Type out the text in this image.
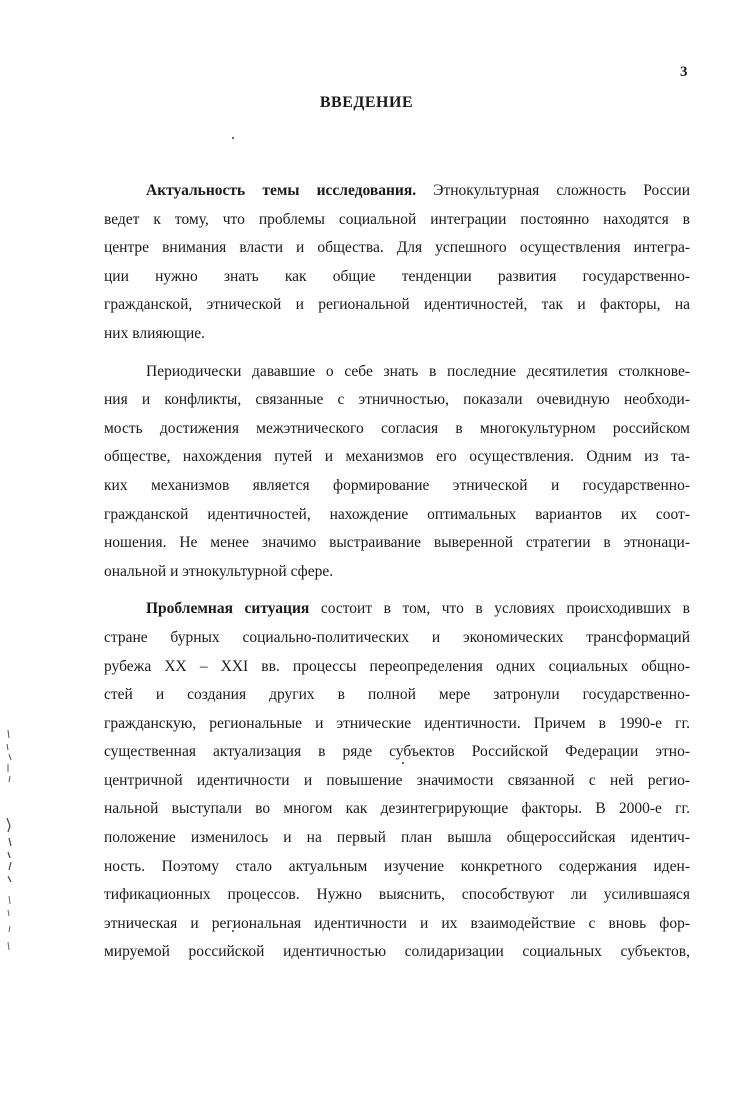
3
ВВЕДЕНИЕ
Актуальность темы исследования. Этнокультурная сложность России
ведет к тому, что проблемы социальной интеграции постоянно находятся в
центре внимания власти и общества. Для успешного осуществления интегра-
ции нужно знать как общие тенденции развития государственно-
гражданской, этнической и региональной идентичностей, так и факторы, на
них влияющие.
Периодически дававшие о себе знать в последние десятилетия столкнове-
ния и конфликты, связанные с этничностью, показали очевидную необходи-
мость достижения межэтнического согласия в многокультурном российском
обществе, нахождения путей и механизмов его осуществления. Одним из та-
ких механизмов является формирование этнической и государственно-
гражданской идентичностей, нахождение оптимальных вариантов их соот-
ношения. Не менее значимо выстраивание выверенной стратегии в этнонаци-
ональной и этнокультурной сфере.
Проблемная ситуация состоит в том, что в условиях происходивших в
стране бурных социально-политических и экономических трансформаций
рубежа XX – XXI вв. процессы переопределения одних социальных общно-
стей и создания других в полной мере затронули государственно-
гражданскую, региональные и этнические идентичности. Причем в 1990-е гг.
существенная актуализация в ряде субъектов Российской Федерации этно-
центричной идентичности и повышение значимости связанной с ней регио-
нальной выступали во многом как дезинтегрирующие факторы. В 2000-е гг.
положение изменилось и на первый план вышла общероссийская идентич-
ность. Поэтому стало актуальным изучение конкретного содержания иден-
тификационных процессов. Нужно выяснить, способствуют ли усилившаяся
этническая и региональная идентичности и их взаимодействие с вновь фор-
мируемой российской идентичностью солидаризации социальных субъектов,
